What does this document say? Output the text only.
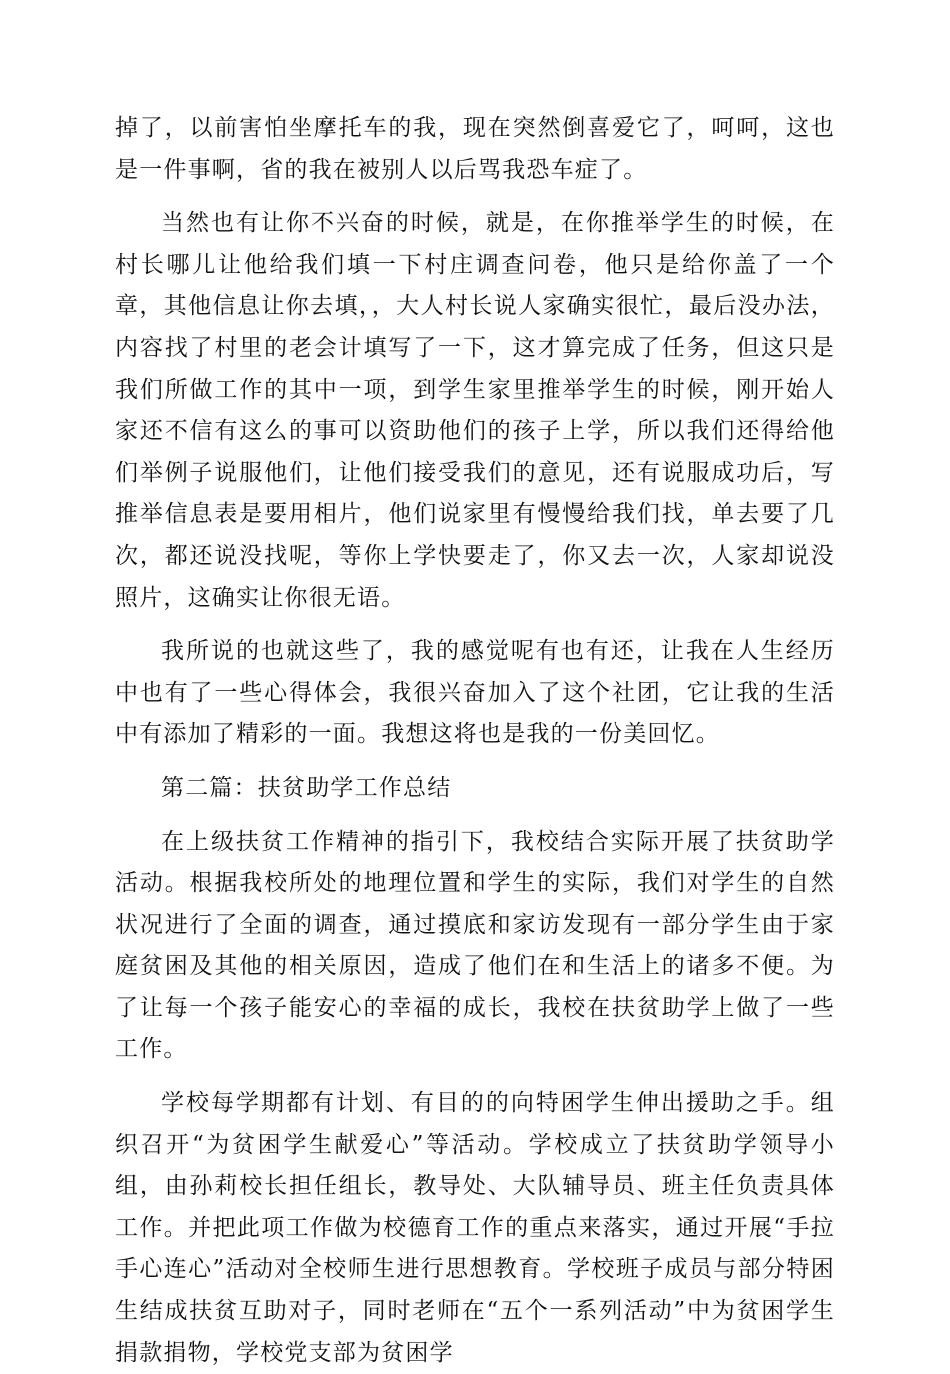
掉了，以前害怕坐摩托车的我，现在突然倒喜爱它了，呵呵，这也是一件事啊，省的我在被别人以后骂我恐车症了。

当然也有让你不兴奋的时候，就是，在你推举学生的时候，在村长哪儿让他给我们填一下村庄调查问卷，他只是给你盖了一个章，其他信息让你去填，，大人村长说人家确实很忙，最后没办法，内容找了村里的老会计填写了一下，这才算完成了任务，但这只是我们所做工作的其中一项，到学生家里推举学生的时候，刚开始人家还不信有这么的事可以资助他们的孩子上学，所以我们还得给他们举例子说服他们，让他们接受我们的意见，还有说服成功后，写推举信息表是要用相片，他们说家里有慢慢给我们找，单去要了几次，都还说没找呢，等你上学快要走了，你又去一次，人家却说没照片，这确实让你很无语。

我所说的也就这些了，我的感觉呢有也有还，让我在人生经历中也有了一些心得体会，我很兴奋加入了这个社团，它让我的生活中有添加了精彩的一面。我想这将也是我的一份美回忆。

第二篇：扶贫助学工作总结

在上级扶贫工作精神的指引下，我校结合实际开展了扶贫助学活动。根据我校所处的地理位置和学生的实际，我们对学生的自然状况进行了全面的调查，通过摸底和家访发现有一部分学生由于家庭贫困及其他的相关原因，造成了他们在和生活上的诸多不便。为了让每一个孩子能安心的幸福的成长，我校在扶贫助学上做了一些工作。

学校每学期都有计划、有目的的向特困学生伸出援助之手。组织召开“为贫困学生献爱心”等活动。学校成立了扶贫助学领导小组，由孙莉校长担任组长，教导处、大队辅导员、班主任负责具体工作。并把此项工作做为校德育工作的重点来落实，通过开展“手拉手心连心”活动对全校师生进行思想教育。学校班子成员与部分特困生结成扶贫互助对子，同时老师在“五个一系列活动”中为贫困学生捐款捐物，学校党支部为贫困学
